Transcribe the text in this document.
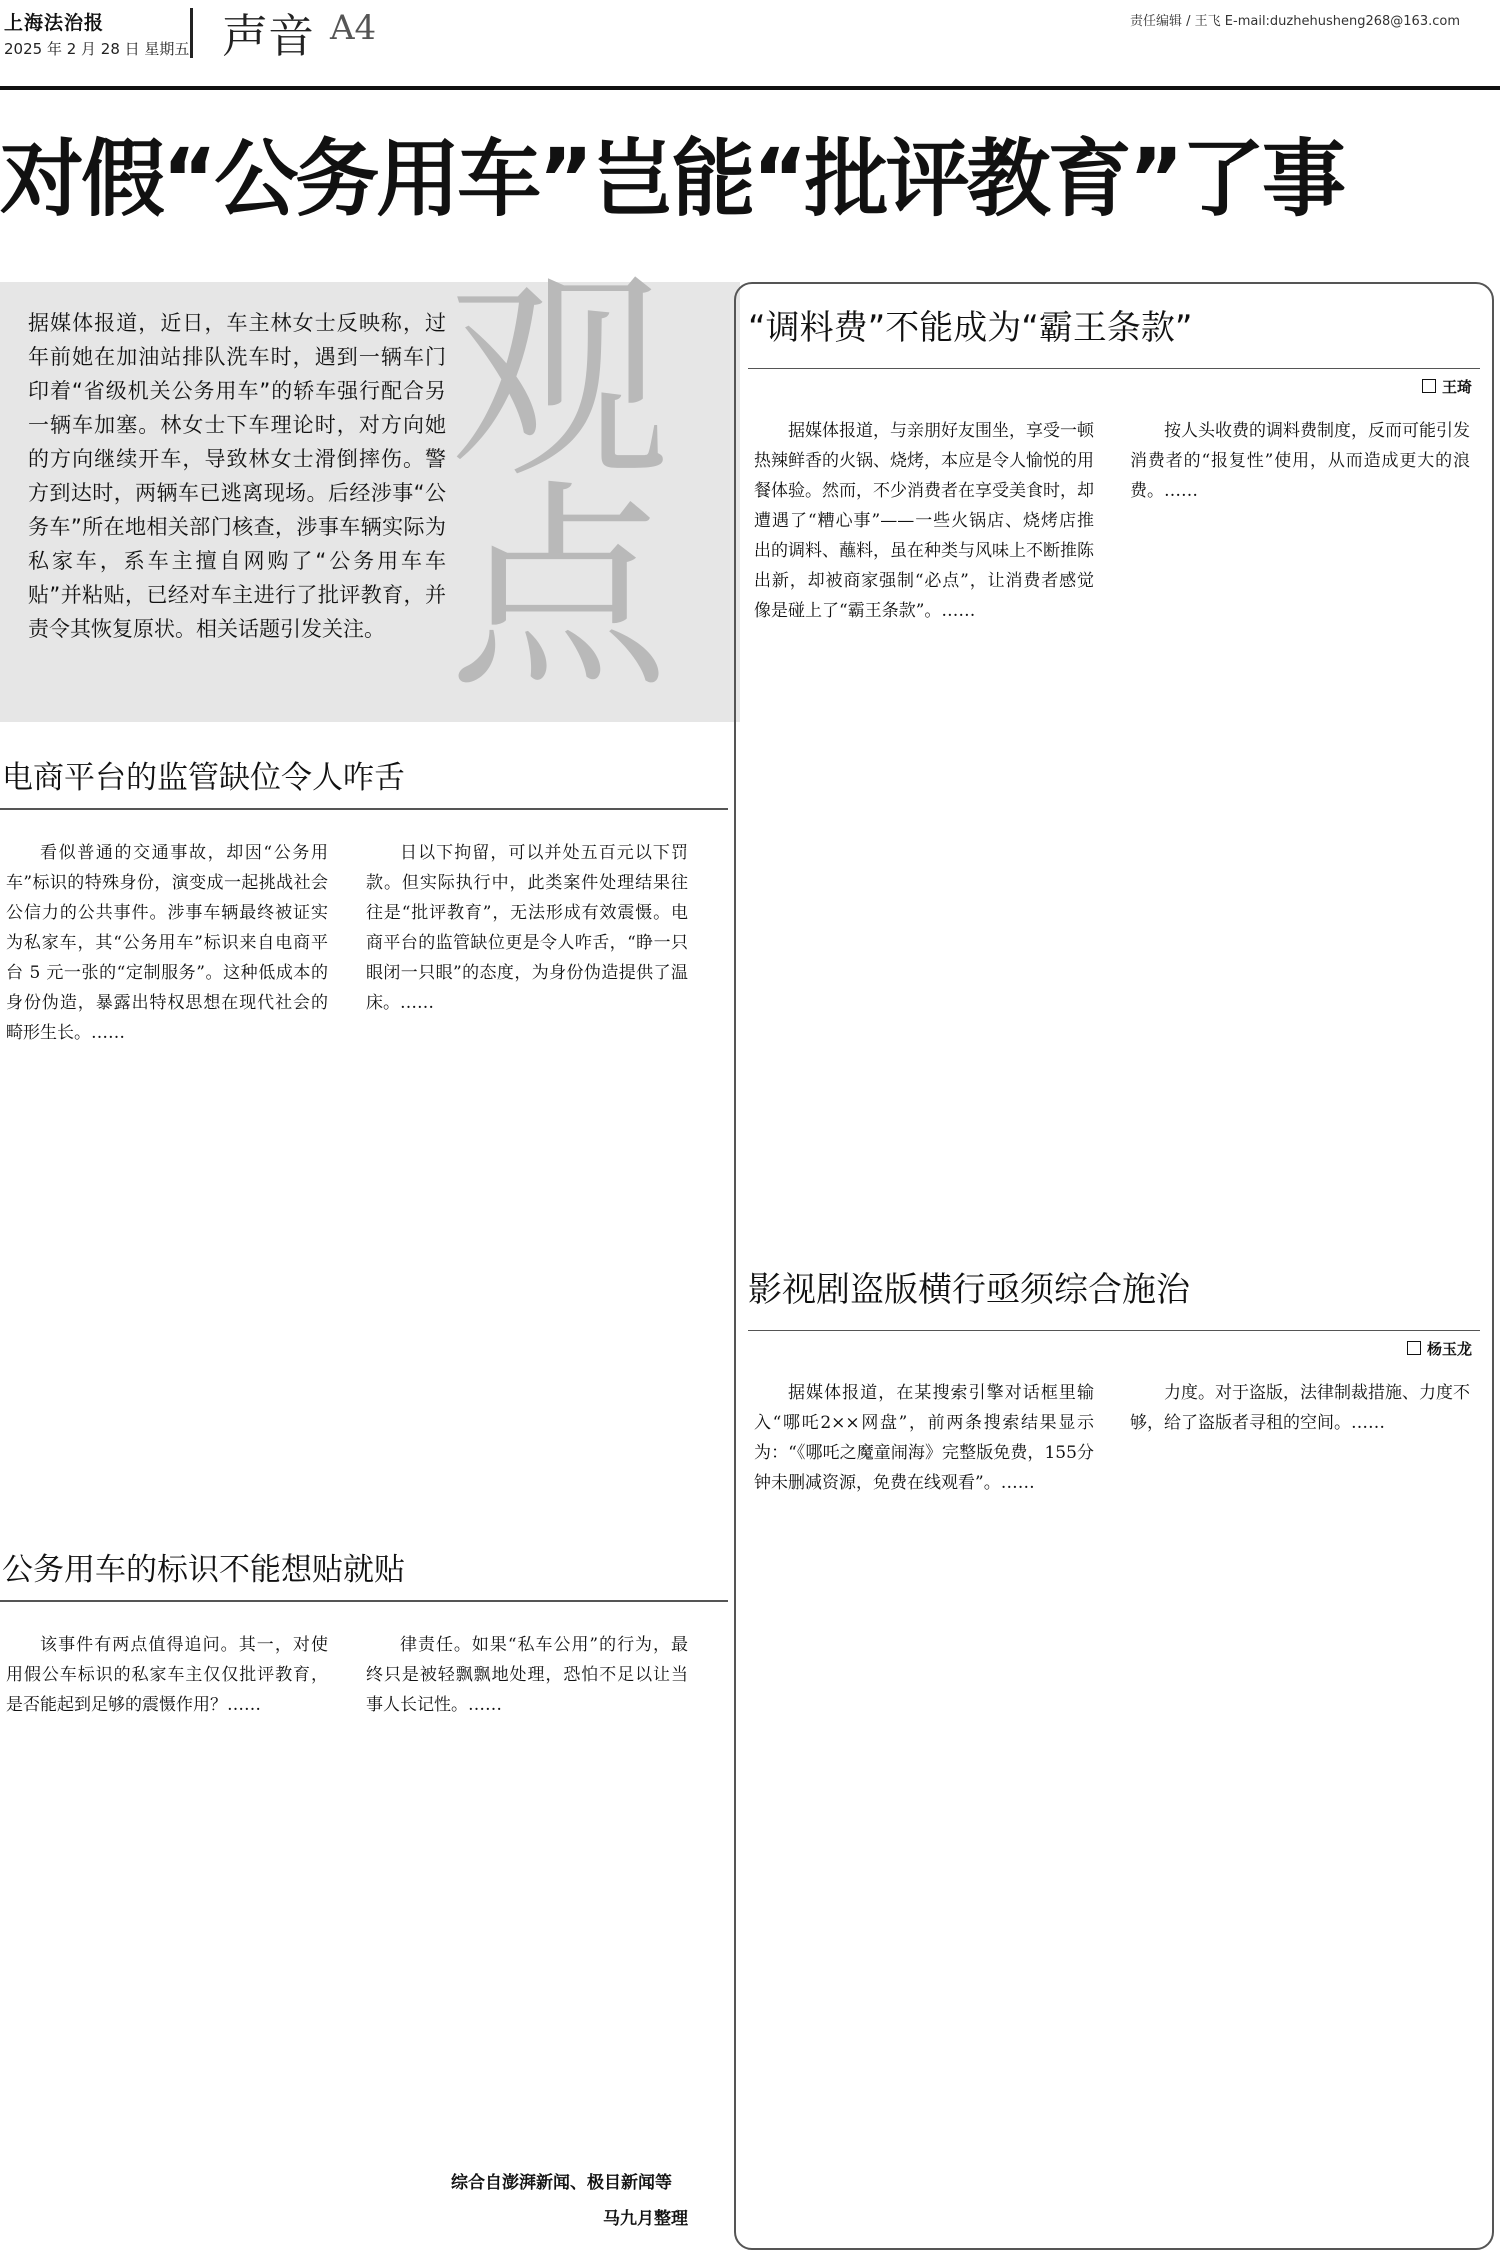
上海法治报
2025 年 2 月 28 日 星期五 声音 A4	责任编辑 / 王飞 E-mail:duzhehusheng268@163.com
对假“公务用车”岂能“批评教育”了事
观点
据媒体报道，近日，车主林女士反映称，过年前她在加油站排队洗车时，遇到一辆车门印着“省级机关公务用车”的轿车强行配合另一辆车加塞。林女士下车理论时，对方向她的方向继续开车，导致林女士滑倒摔伤。警方到达时，两辆车已逃离现场。后经涉事“公务车”所在地相关部门核查，涉事车辆实际为私家车，系车主擅自网购了“公务用车车贴”并粘贴，已经对车主进行了批评教育，并责令其恢复原状。相关话题引发关注。
电商平台的监管缺位令人咋舌

看似普通的交通事故，却因“公务用车”标识的特殊身份，演变成一起挑战社会公信力的公共事件。涉事车辆最终被证实为私家车，其“公务用车”标识来自电商平台 5 元一张的“定制服务”。这种低成本的身份伪造，暴露出特权思想在现代社会的畸形生长。……

日以下拘留，可以并处五百元以下罚款。但实际执行中，此类案件处理结果往往是“批评教育”，无法形成有效震慑。电商平台的监管缺位更是令人咋舌，“睁一只眼闭一只眼”的态度，为身份伪造提供了温床。……

公务用车的标识不能想贴就贴

该事件有两点值得追问。其一，对使用假公车标识的私家车主仅仅批评教育，是否能起到足够的震慑作用？……

律责任。如果“私车公用”的行为，最终只是被轻飘飘地处理，恐怕不足以让当事人长记性。……

综合自澎湃新闻、极目新闻等
马九月整理
“调料费”不能成为“霸王条款”
王琦

据媒体报道，与亲朋好友围坐，享受一顿热辣鲜香的火锅、烧烤，本应是令人愉悦的用餐体验。然而，不少消费者在享受美食时，却遭遇了“糟心事”——一些火锅店、烧烤店推出的调料、蘸料，虽在种类与风味上不断推陈出新，却被商家强制“必点”，让消费者感觉像是碰上了“霸王条款”。……

按人头收费的调料费制度，反而可能引发消费者的“报复性”使用，从而造成更大的浪费。……

影视剧盗版横行亟须综合施治
杨玉龙

据媒体报道，在某搜索引擎对话框里输入“哪吒2××网盘”，前两条搜索结果显示为：“《哪吒之魔童闹海》完整版免费，155分钟未删减资源，免费在线观看”。……

力度。对于盗版，法律制裁措施、力度不够，给了盗版者寻租的空间。……
